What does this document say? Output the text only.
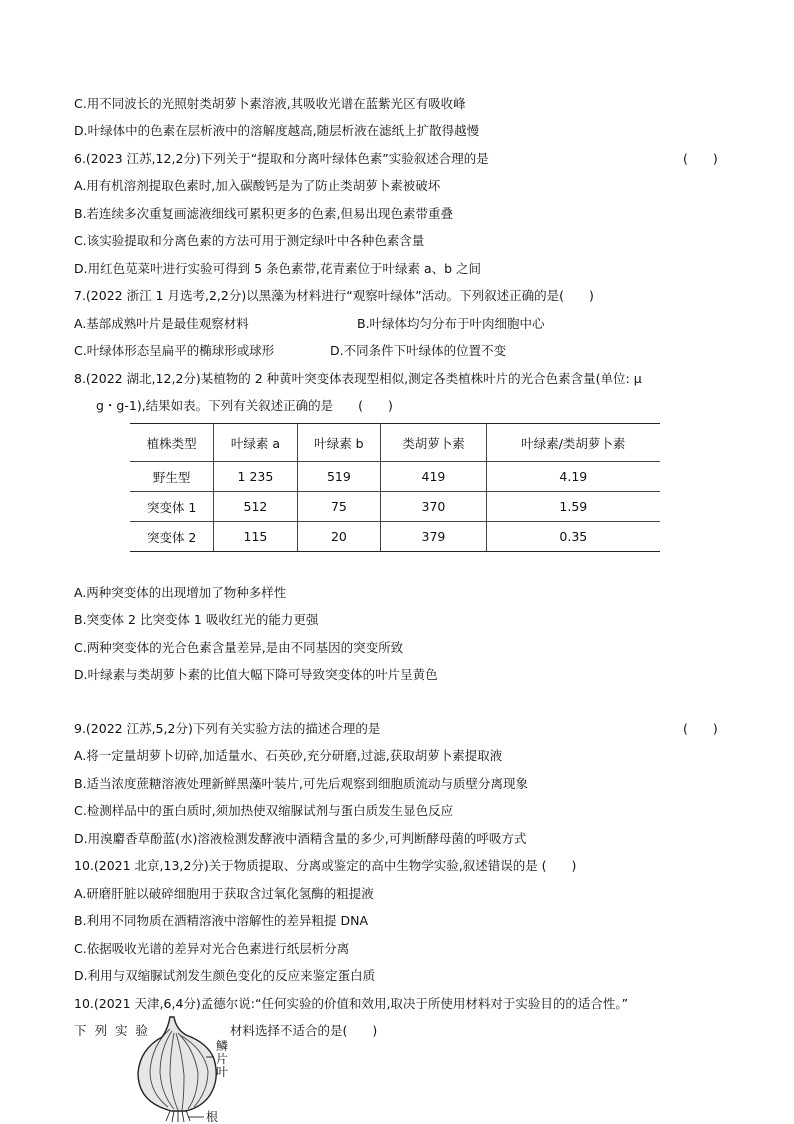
C.用不同波长的光照射类胡萝卜素溶液,其吸收光谱在蓝紫光区有吸收峰
D.叶绿体中的色素在层析液中的溶解度越高,随层析液在滤纸上扩散得越慢
6.(2023 江苏,12,2分)下列关于“提取和分离叶绿体色素”实验叙述合理的是	(　　)
A.用有机溶剂提取色素时,加入碳酸钙是为了防止类胡萝卜素被破坏
B.若连续多次重复画滤液细线可累积更多的色素,但易出现色素带重叠
C.该实验提取和分离色素的方法可用于测定绿叶中各种色素含量
D.用红色苋菜叶进行实验可得到 5 条色素带,花青素位于叶绿素 a、b 之间
7.(2022 浙江 1 月选考,2,2分)以黑藻为材料进行“观察叶绿体”活动。下列叙述正确的是(　　)
A.基部成熟叶片是最佳观察材料	B.叶绿体均匀分布于叶肉细胞中心
C.叶绿体形态呈扁平的椭球形或球形	D.不同条件下叶绿体的位置不变
8.(2022 湖北,12,2分)某植物的 2 种黄叶突变体表现型相似,测定各类植株叶片的光合色素含量(单位: μ
g・g-1),结果如表。下列有关叙述正确的是　　(　　)
植株类型	叶绿素 a	叶绿素 b	类胡萝卜素	叶绿素/类胡萝卜素
野生型	1 235	519	419	4.19
突变体 1	512	75	370	1.59
突变体 2	115	20	379	0.35
A.两种突变体的出现增加了物种多样性
B.突变体 2 比突变体 1 吸收红光的能力更强
C.两种突变体的光合色素含量差异,是由不同基因的突变所致
D.叶绿素与类胡萝卜素的比值大幅下降可导致突变体的叶片呈黄色
9.(2022 江苏,5,2分)下列有关实验方法的描述合理的是	(　　)
A.将一定量胡萝卜切碎,加适量水、石英砂,充分研磨,过滤,获取胡萝卜素提取液
B.适当浓度蔗糖溶液处理新鲜黑藻叶装片,可先后观察到细胞质流动与质壁分离现象
C.检测样品中的蛋白质时,须加热使双缩脲试剂与蛋白质发生显色反应
D.用溴麝香草酚蓝(水)溶液检测发酵液中酒精含量的多少,可判断酵母菌的呼吸方式
10.(2021 北京,13,2分)关于物质提取、分离或鉴定的高中生物学实验,叙述错误的是 (　　)
A.研磨肝脏以破碎细胞用于获取含过氧化氢酶的粗提液
B.利用不同物质在酒精溶液中溶解性的差异粗提 DNA
C.依据吸收光谱的差异对光合色素进行纸层析分离
D.利用与双缩脲试剂发生颜色变化的反应来鉴定蛋白质
10.(2021 天津,6,4分)孟德尔说:“任何实验的价值和效用,取决于所使用材料对于实验目的的适合性。”
下 列 实 验	材料选择不适合的是(　　)
鳞
片
叶
根
